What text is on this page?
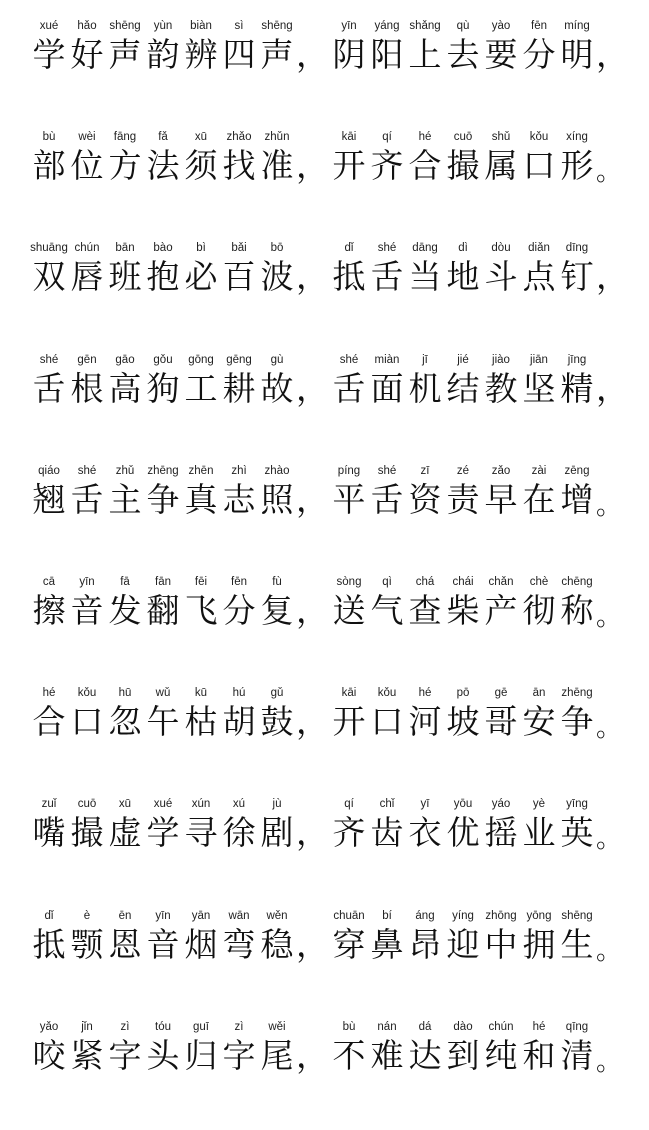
xué
学
hǎo
好
shēng
声
yùn
韵
biàn
辨
sì
四
shēng
声 ，
yīn
阴
yáng
阳
shǎng
上
qù
去
yào
要
fēn
分
míng
明 ，
bù
部
wèi
位
fāng
方
fǎ
法
xū
须
zhǎo
找
zhǔn
准 ，
kāi
开
qí
齐
hé
合
cuō
撮
shǔ
属
kǒu
口
xíng
形 。
shuāng
双
chún
唇
bān
班
bào
抱
bì
必
bǎi
百
bō
波 ，
dǐ
抵
shé
舌
dāng
当
dì
地
dòu
斗
diǎn
点
dīng
钉 ，
shé
舌
gēn
根
gāo
高
gǒu
狗
gōng
工
gēng
耕
gù
故 ，
shé
舌
miàn
面
jī
机
jié
结
jiào
教
jiān
坚
jīng
精 ，
qiáo
翘
shé
舌
zhǔ
主
zhēng
争
zhēn
真
zhì
志
zhào
照 ，
píng
平
shé
舌
zī
资
zé
责
zǎo
早
zài
在
zēng
增 。
cā
擦
yīn
音
fā
发
fān
翻
fēi
飞
fēn
分
fù
复 ，
sòng
送
qì
气
chá
查
chái
柴
chǎn
产
chè
彻
chēng
称 。
hé
合
kǒu
口
hū
忽
wǔ
午
kū
枯
hú
胡
gǔ
鼓 ，
kāi
开
kǒu
口
hé
河
pō
坡
gē
哥
ān
安
zhēng
争 。
zuǐ
嘴
cuō
撮
xū
虚
xué
学
xún
寻
xú
徐
jù
剧 ，
qí
齐
chǐ
齿
yī
衣
yōu
优
yáo
摇
yè
业
yīng
英 。
dǐ
抵
è
颚
ēn
恩
yīn
音
yān
烟
wān
弯
wěn
稳 ，
chuān
穿
bí
鼻
áng
昂
yíng
迎
zhōng
中
yōng
拥
shēng
生 。
yǎo
咬
jǐn
紧
zì
字
tóu
头
guī
归
zì
字
wěi
尾 ，
bù
不
nán
难
dá
达
dào
到
chún
纯
hé
和
qīng
清 。
